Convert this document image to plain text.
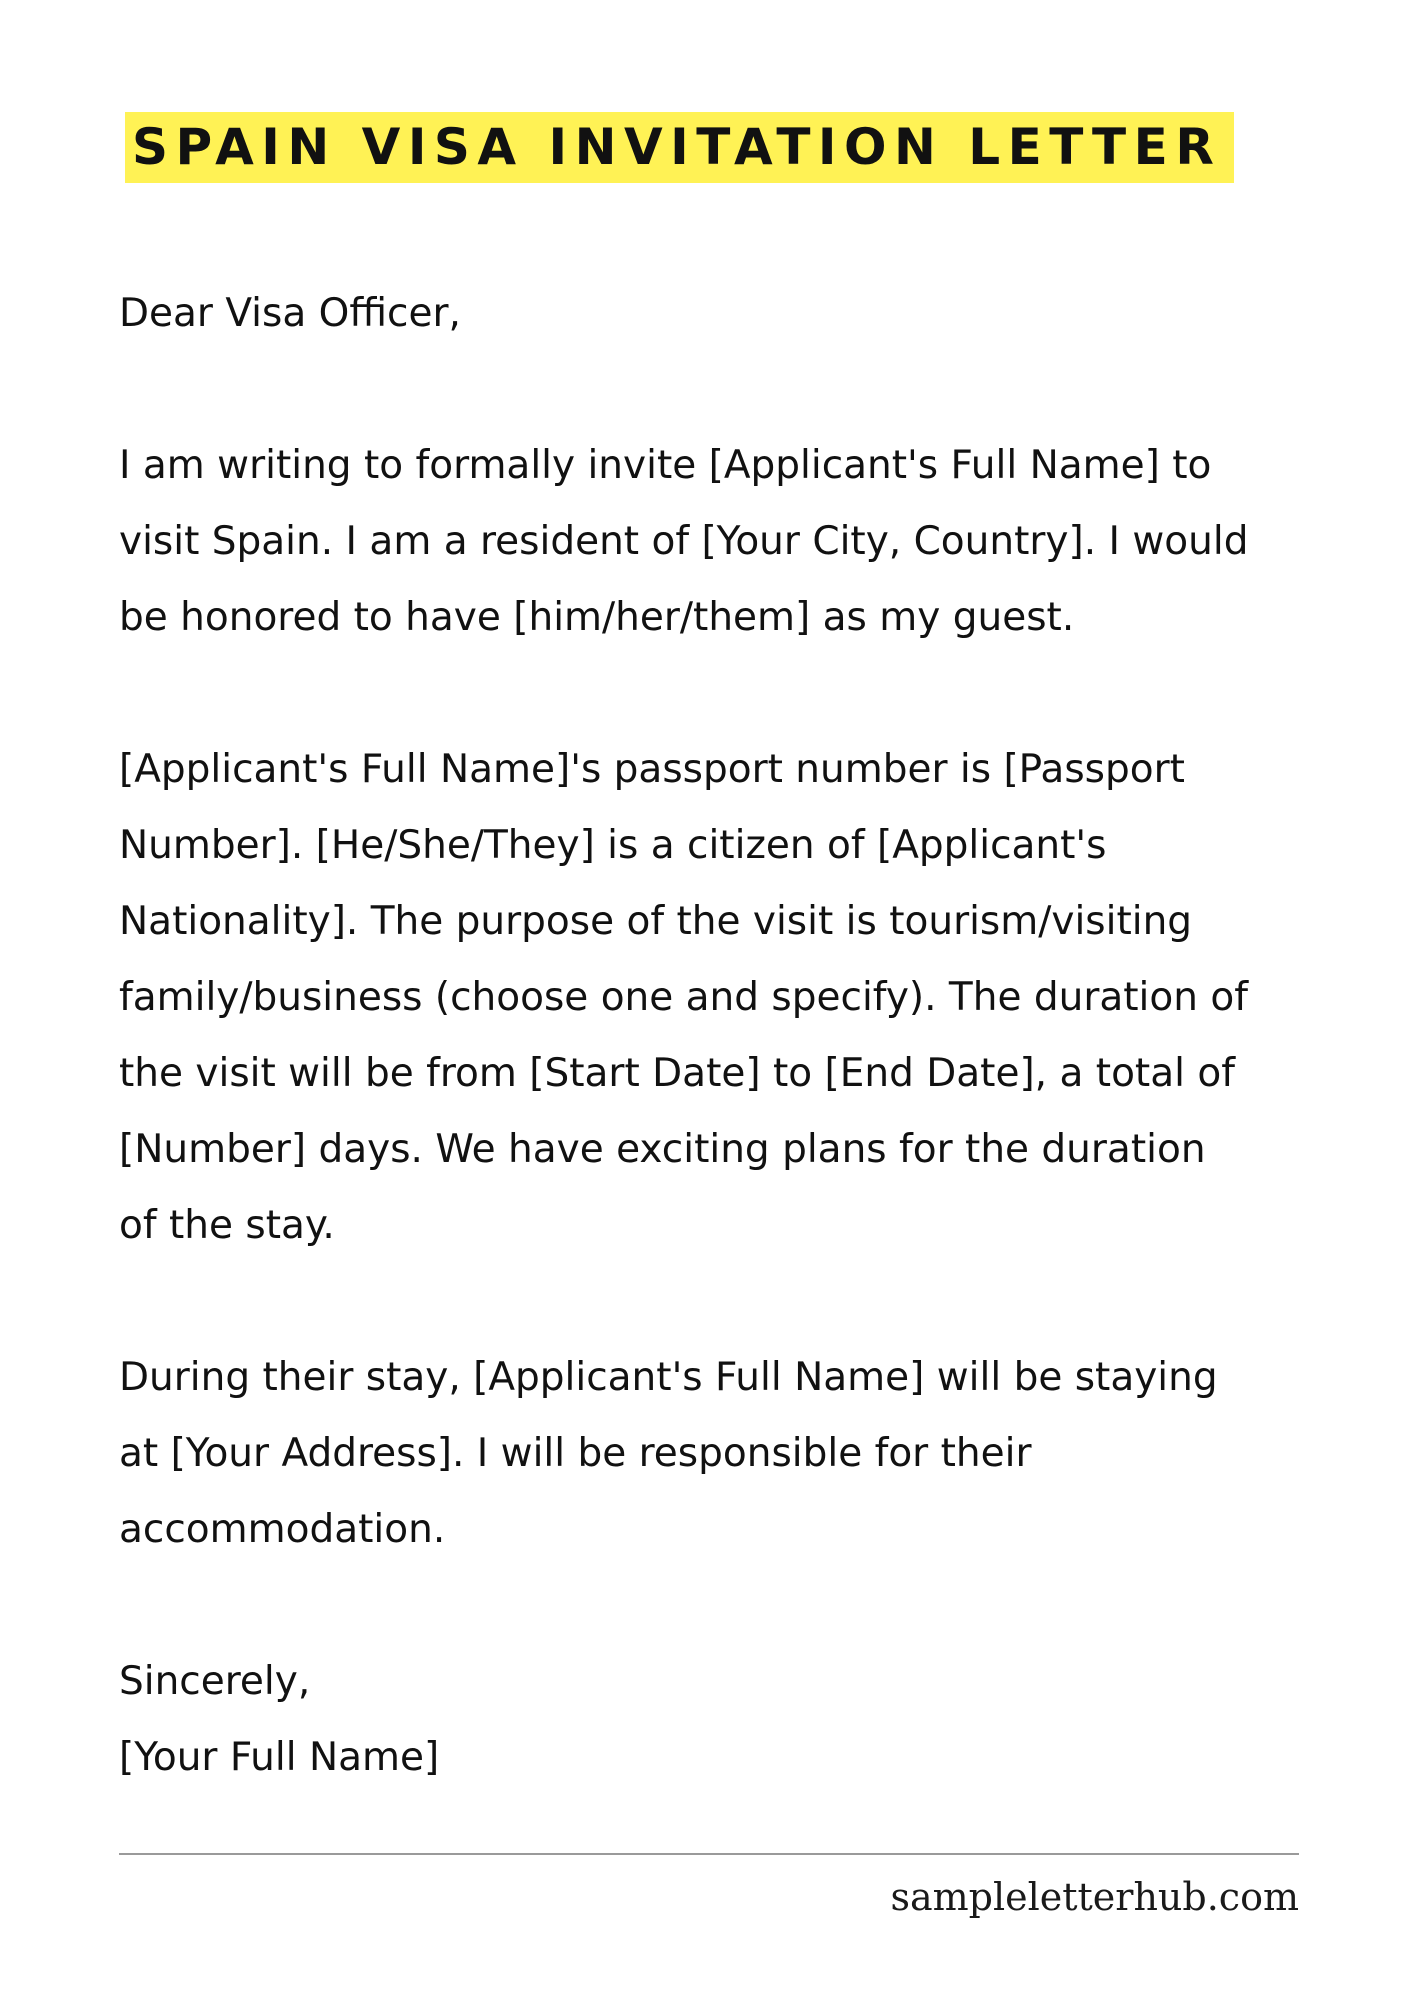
SPAIN VISA INVITATION LETTER
Dear Visa Officer,
I am writing to formally invite [Applicant's Full Name] to
visit Spain. I am a resident of [Your City, Country]. I would
be honored to have [him/her/them] as my guest.
[Applicant's Full Name]'s passport number is [Passport
Number]. [He/She/They] is a citizen of [Applicant's
Nationality]. The purpose of the visit is tourism/visiting
family/business (choose one and specify). The duration of
the visit will be from [Start Date] to [End Date], a total of
[Number] days. We have exciting plans for the duration
of the stay.
During their stay, [Applicant's Full Name] will be staying
at [Your Address]. I will be responsible for their
accommodation.
Sincerely,
[Your Full Name]
sampleletterhub.com
